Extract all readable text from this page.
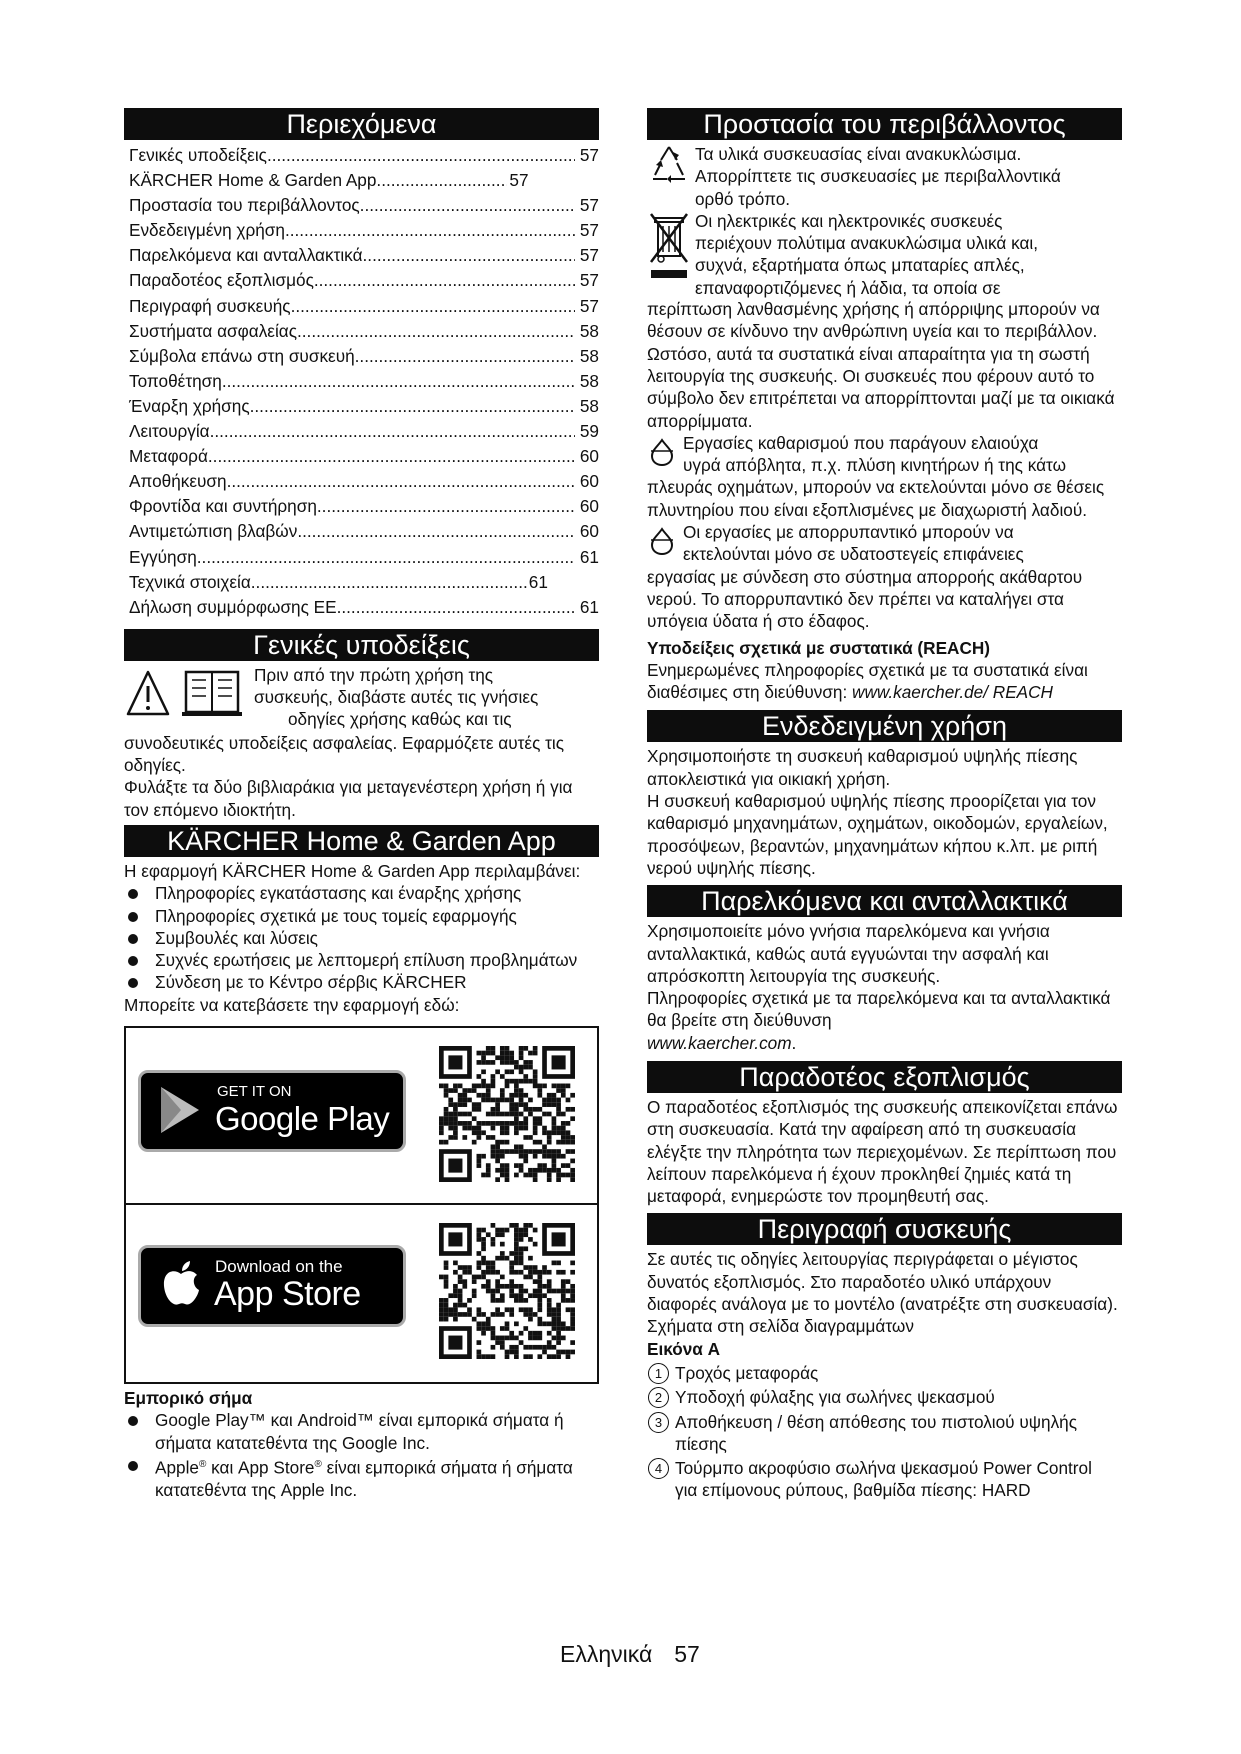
Περιεχόμενα
Γενικές υποδείξεις .....	57
KÄRCHER Home & Garden App .....	57
Προστασία του περιβάλλοντος .....	57
Ενδεδειγμένη χρήση .....	57
Παρελκόμενα και ανταλλακτικά .....	57
Παραδοτέος εξοπλισμός .....	57
Περιγραφή συσκευής .....	57
Συστήματα ασφαλείας .....	58
Σύμβολα επάνω στη συσκευή .....	58
Τοποθέτηση .....	58
Έναρξη χρήσης .....	58
Λειτουργία .....	59
Μεταφορά .....	60
Αποθήκευση .....	60
Φροντίδα και συντήρηση .....	60
Αντιμετώπιση βλαβών .....	60
Εγγύηση .....	61
Τεχνικά στοιχεία .....	61
Δήλωση συμμόρφωσης ΕΕ .....	61
Γενικές υποδείξεις

Πριν από την πρώτη χρήση της

συσκευής, διαβάστε αυτές τις γνήσιες

οδηγίες χρήσης καθώς και τις

συνοδευτικές υποδείξεις ασφαλείας. Εφαρμόζετε αυτές τις οδηγίες.

Φυλάξτε τα δύο βιβλιαράκια για μεταγενέστερη χρήση ή για τον επόμενο ιδιοκτήτη.

KÄRCHER Home & Garden App

Η εφαρμογή KÄRCHER Home & Garden App περιλαμβάνει:

Πληροφορίες εγκατάστασης και έναρξης χρήσης
Πληροφορίες σχετικά με τους τομείς εφαρμογής
Συμβουλές και λύσεις
Συχνές ερωτήσεις με λεπτομερή επίλυση προβλημάτων
Σύνδεση με το Κέντρο σέρβις KÄRCHER

Μπορείτε να κατεβάσετε την εφαρμογή εδώ:

GET IT ON
Google Play
Download on the
App Store

Εμπορικό σήμα

Google Play™ και Android™ είναι εμπορικά σήματα ή σήματα κατατεθέντα της Google Inc.
Apple® και App Store® είναι εμπορικά σήματα ή σήματα κατατεθέντα της Apple Inc.
Προστασία του περιβάλλοντος

Τα υλικά συσκευασίας είναι ανακυκλώσιμα.

Απορρίπτετε τις συσκευασίες με περιβαλλοντικά

ορθό τρόπο.

Οι ηλεκτρικές και ηλεκτρονικές συσκευές

περιέχουν πολύτιμα ανακυκλώσιμα υλικά και,

συχνά, εξαρτήματα όπως μπαταρίες απλές,

επαναφορτιζόμενες ή λάδια, τα οποία σε

περίπτωση λανθασμένης χρήσης ή απόρριψης μπορούν να θέσουν σε κίνδυνο την ανθρώπινη υγεία και το περιβάλλον. Ωστόσο, αυτά τα συστατικά είναι απαραίτητα για τη σωστή λειτουργία της συσκευής. Οι συσκευές που φέρουν αυτό το σύμβολο δεν επιτρέπεται να απορρίπτονται μαζί με τα οικιακά απορρίμματα.

Εργασίες καθαρισμού που παράγουν ελαιούχα

υγρά απόβλητα, π.χ. πλύση κινητήρων ή της κάτω

πλευράς οχημάτων, μπορούν να εκτελούνται μόνο σε θέσεις πλυντηρίου που είναι εξοπλισμένες με διαχωριστή λαδιού.

Οι εργασίες με απορρυπαντικό μπορούν να

εκτελούνται μόνο σε υδατοστεγείς επιφάνειες

εργασίας με σύνδεση στο σύστημα απορροής ακάθαρτου νερού. Το απορρυπαντικό δεν πρέπει να καταλήγει στα υπόγεια ύδατα ή στο έδαφος.

Υποδείξεις σχετικά με συστατικά (REACH)

Ενημερωμένες πληροφορίες σχετικά με τα συστατικά είναι διαθέσιμες στη διεύθυνση: www.kaercher.de/ REACH

Ενδεδειγμένη χρήση

Χρησιμοποιήστε τη συσκευή καθαρισμού υψηλής πίεσης αποκλειστικά για οικιακή χρήση.

Η συσκευή καθαρισμού υψηλής πίεσης προορίζεται για τον καθαρισμό μηχανημάτων, οχημάτων, οικοδομών, εργαλείων, προσόψεων, βεραντών, μηχανημάτων κήπου κ.λπ. με ριπή νερού υψηλής πίεσης.

Παρελκόμενα και ανταλλακτικά

Χρησιμοποιείτε μόνο γνήσια παρελκόμενα και γνήσια ανταλλακτικά, καθώς αυτά εγγυώνται την ασφαλή και απρόσκοπτη λειτουργία της συσκευής.

Πληροφορίες σχετικά με τα παρελκόμενα και τα ανταλλακτικά θα βρείτε στη διεύθυνση

www.kaercher.com.

Παραδοτέος εξοπλισμός

Ο παραδοτέος εξοπλισμός της συσκευής απεικονίζεται επάνω στη συσκευασία. Κατά την αφαίρεση από τη συσκευασία ελέγξτε την πληρότητα των περιεχομένων. Σε περίπτωση που λείπουν παρελκόμενα ή έχουν προκληθεί ζημιές κατά τη μεταφορά, ενημερώστε τον προμηθευτή σας.

Περιγραφή συσκευής

Σε αυτές τις οδηγίες λειτουργίας περιγράφεται ο μέγιστος δυνατός εξοπλισμός. Στο παραδοτέο υλικό υπάρχουν διαφορές ανάλογα με το μοντέλο (ανατρέξτε στη συσκευασία).

Σχήματα στη σελίδα διαγραμμάτων

Εικόνα A

1 Τροχός μεταφοράς
2 Υποδοχή φύλαξης για σωλήνες ψεκασμού
3 Αποθήκευση / θέση απόθεσης του πιστολιού υψηλής πίεσης
4 Τούρμπο ακροφύσιο σωλήνα ψεκασμού Power Control για επίμονους ρύπους, βαθμίδα πίεσης: HARD
Ελληνικά 57
